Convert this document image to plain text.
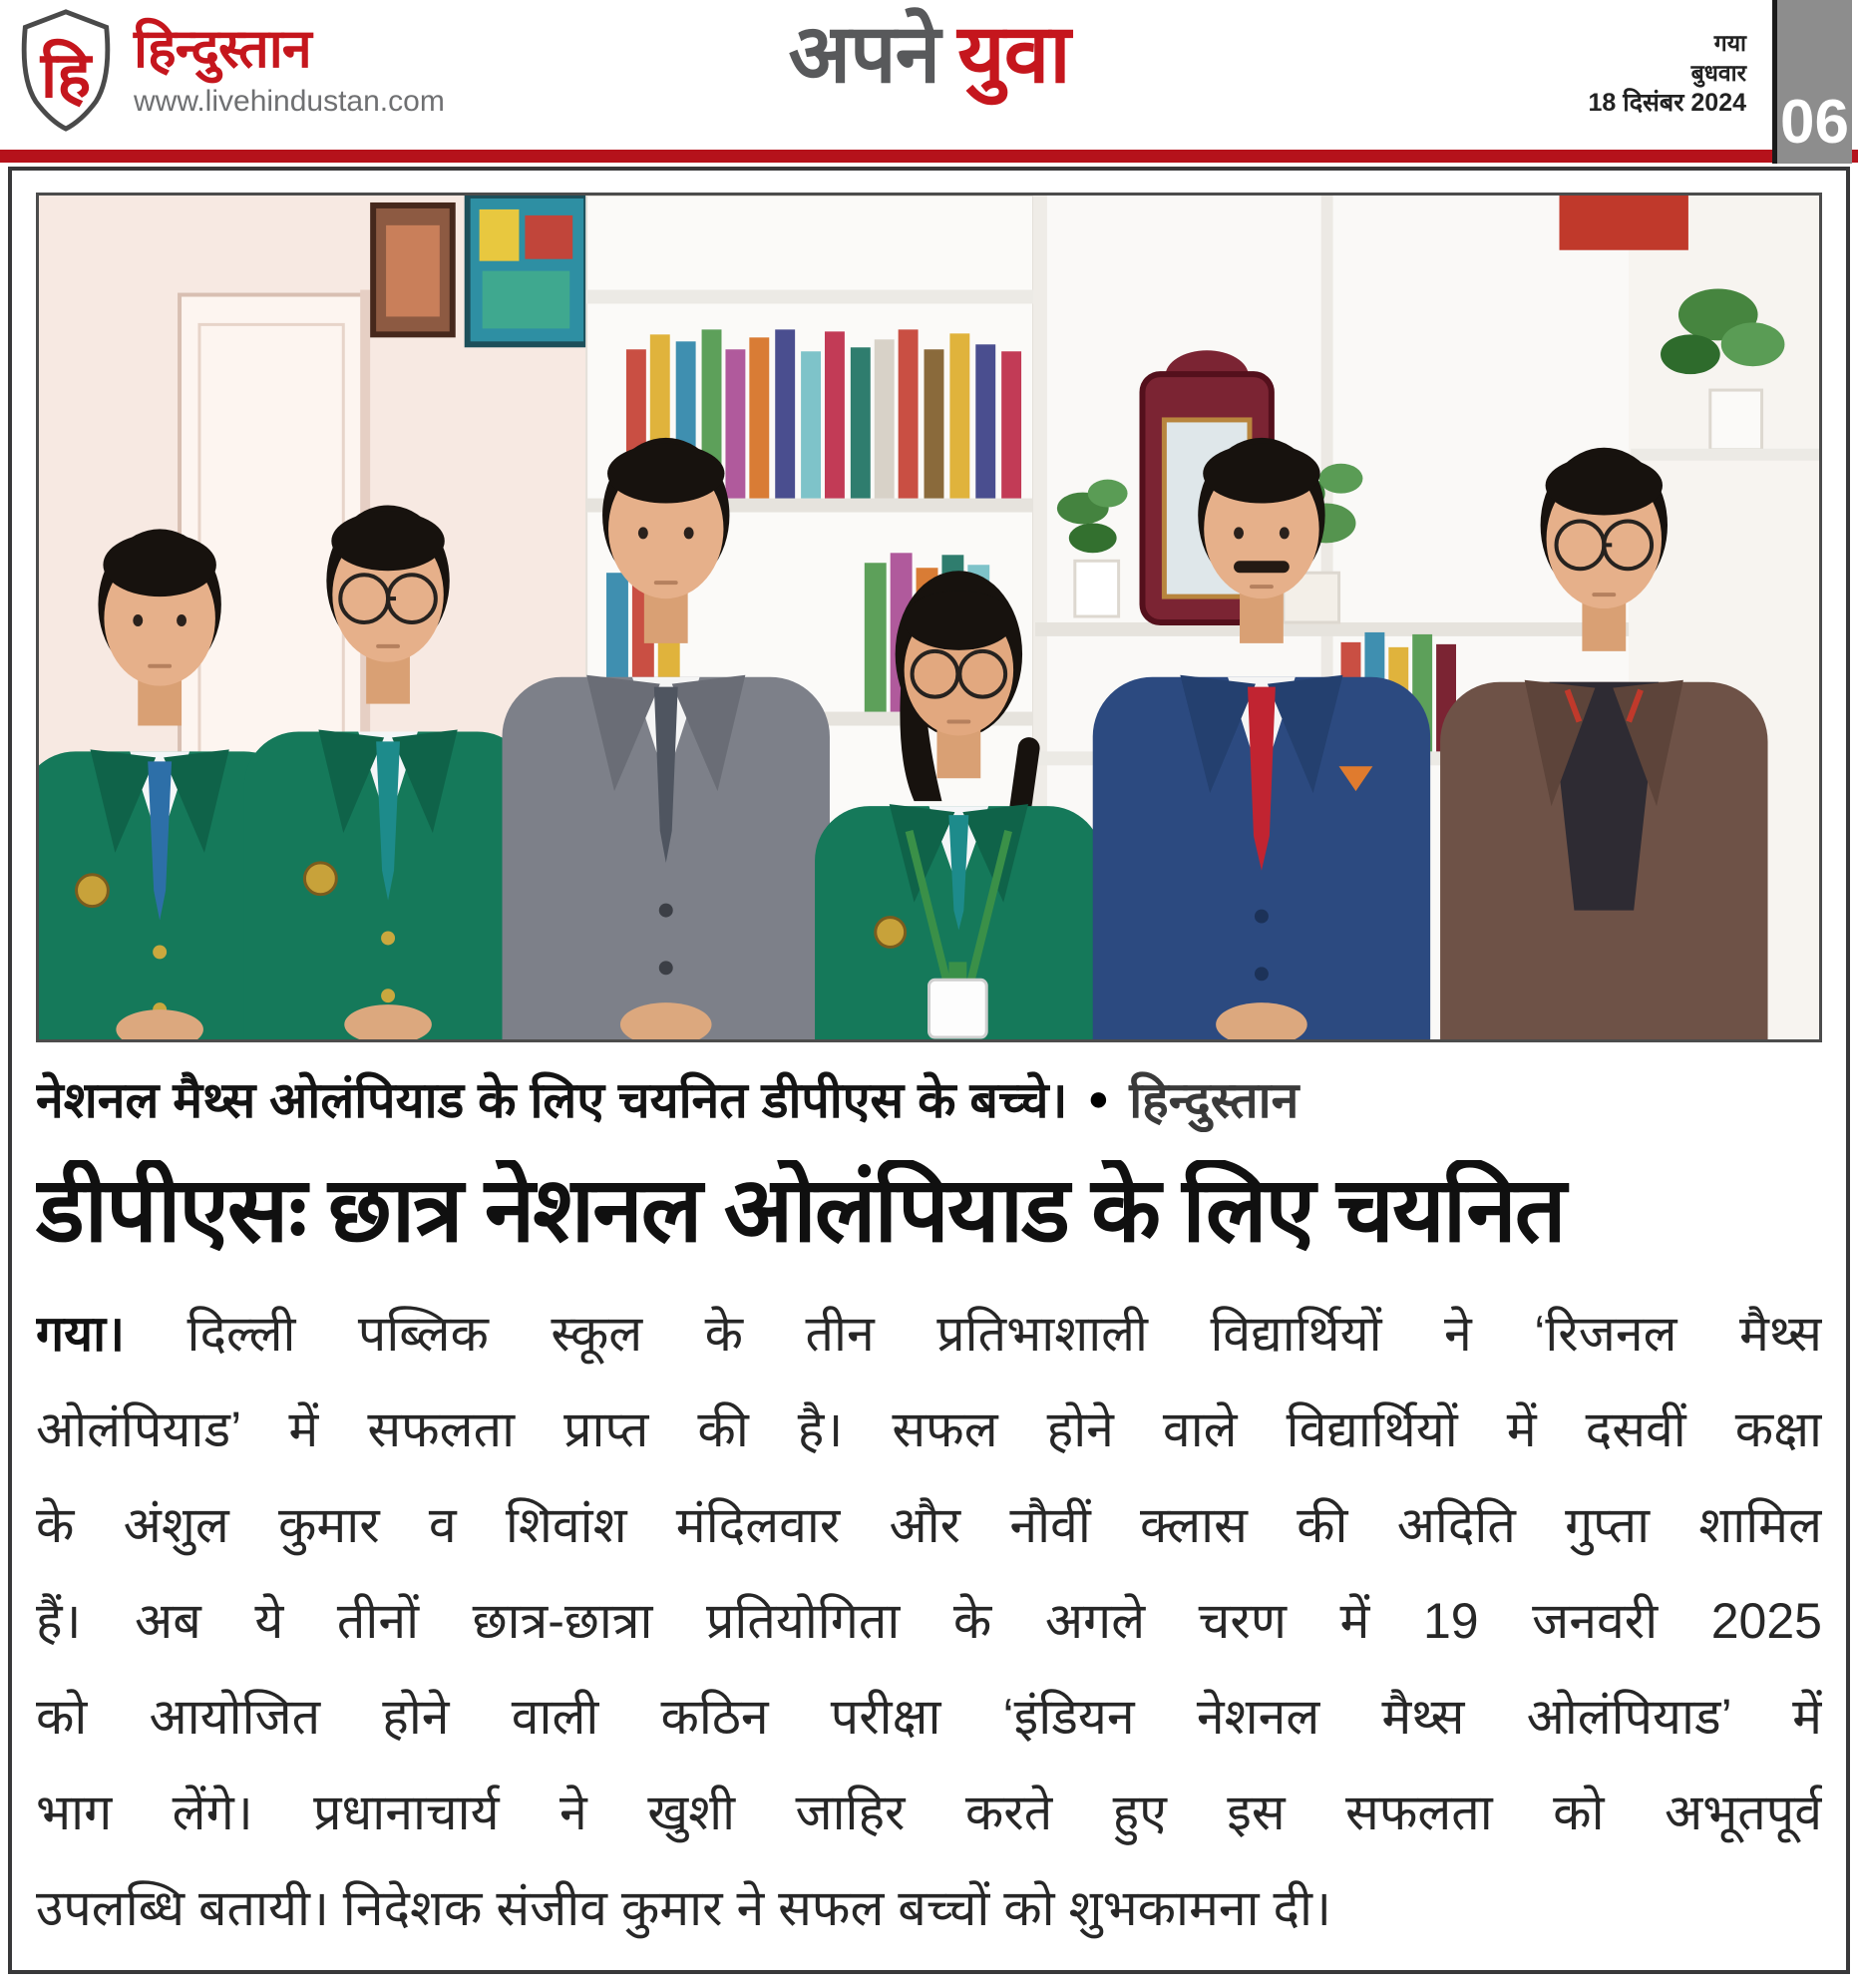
हि हिन्दुस्तान
www.livehindustan.com
अपने युवा	गया
बुधवार
18 दिसंबर 2024 06
नेशनल मैथ्स ओलंपियाड के लिए चयनित डीपीएस के बच्चे। ● हिन्दुस्तान
डीपीएसः छात्र नेशनल ओलंपियाड के लिए चयनित
गया। दिल्ली पब्लिक स्कूल के तीन प्रतिभाशाली विद्यार्थियों ने ‘रिजनल मैथ्स
ओलंपियाड’ में सफलता प्राप्त की है। सफल होने वाले विद्यार्थियों में दसवीं कक्षा
के अंशुल कुमार व शिवांश मंदिलवार और नौवीं क्लास की अदिति गुप्ता शामिल
हैं। अब ये तीनों छात्र-छात्रा प्रतियोगिता के अगले चरण में 19 जनवरी 2025
को आयोजित होने वाली कठिन परीक्षा ‘इंडियन नेशनल मैथ्स ओलंपियाड’ में
भाग लेंगे। प्रधानाचार्य ने खुशी जाहिर करते हुए इस सफलता को अभूतपूर्व
उपलब्धि बतायी। निदेशक संजीव कुमार ने सफल बच्चों को शुभकामना दी।
